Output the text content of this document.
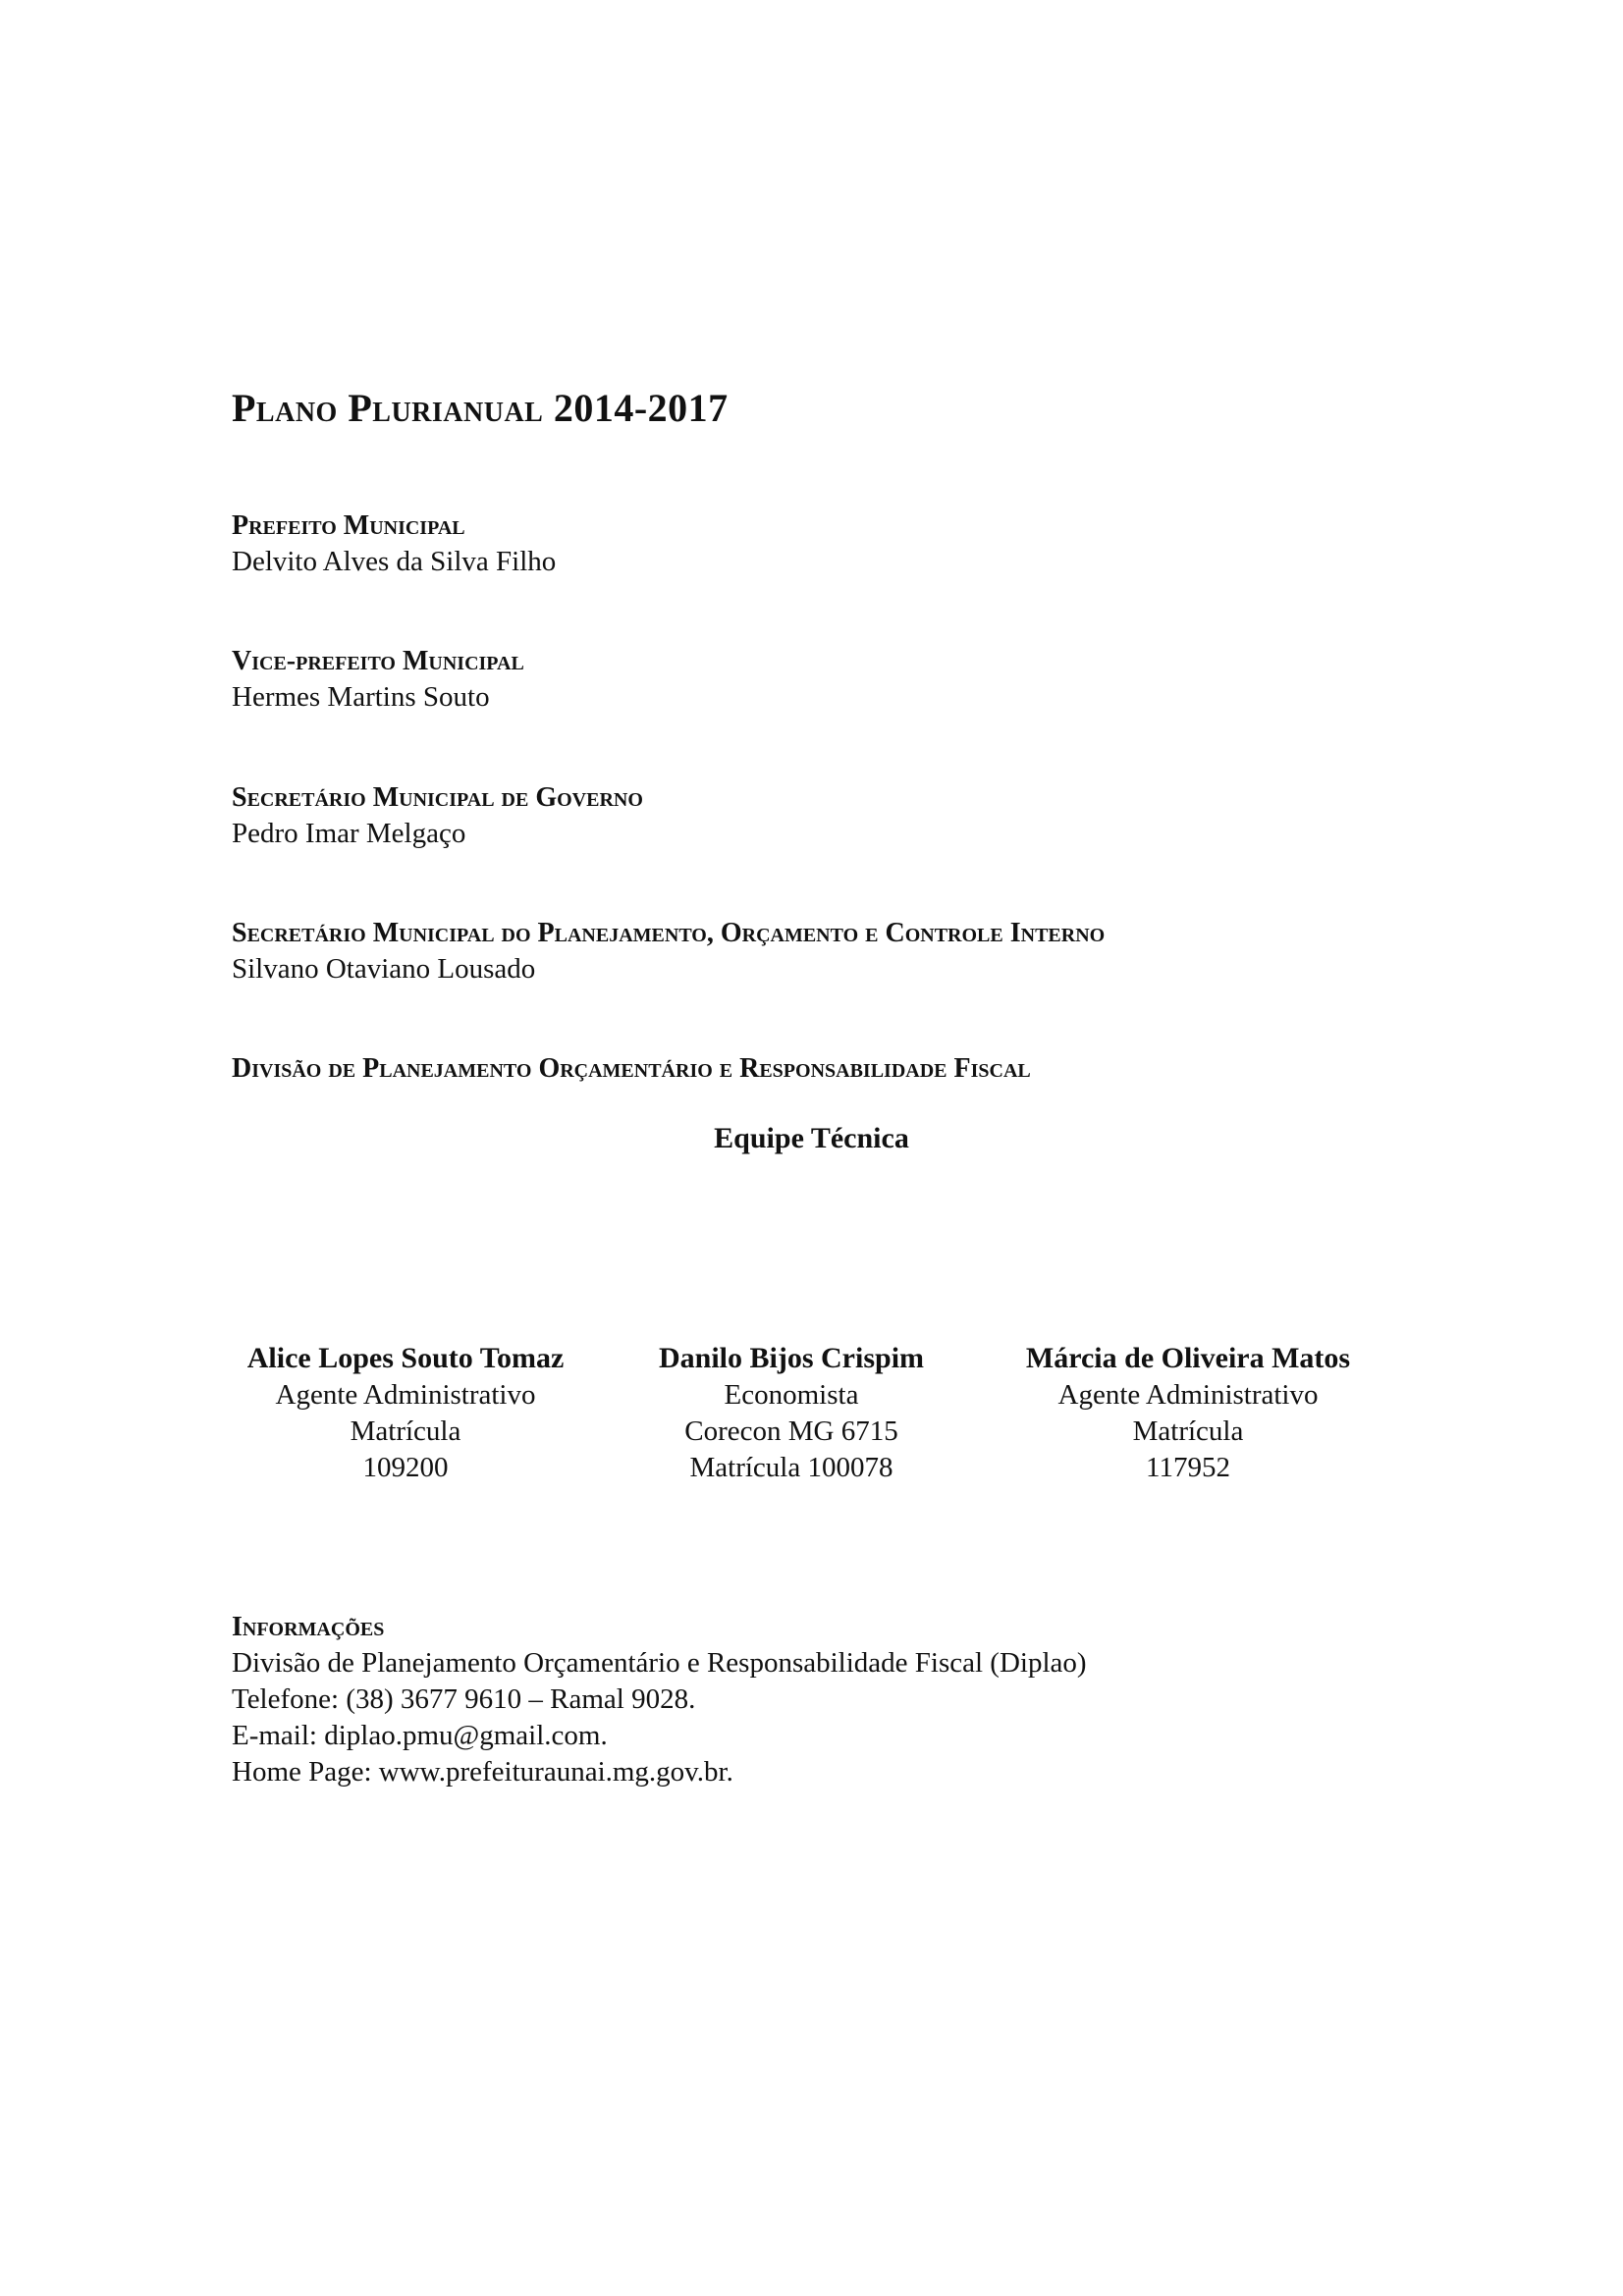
Plano Plurianual 2014-2017
Prefeito Municipal
Delvito Alves da Silva Filho
Vice-prefeito Municipal
Hermes Martins Souto
Secretário Municipal de Governo
Pedro Imar Melgaço
Secretário Municipal do Planejamento, Orçamento e Controle Interno
Silvano Otaviano Lousado
Divisão de Planejamento Orçamentário e Responsabilidade Fiscal
Equipe Técnica
Alice Lopes Souto Tomaz
Agente Administrativo
Matrícula
109200
Danilo Bijos Crispim
Economista
Corecon MG 6715
Matrícula 100078
Márcia de Oliveira Matos
Agente Administrativo
Matrícula
117952
Informações
Divisão de Planejamento Orçamentário e Responsabilidade Fiscal (Diplao)
Telefone: (38) 3677 9610 – Ramal 9028.
E-mail: diplao.pmu@gmail.com.
Home Page: www.prefeituraunai.mg.gov.br.
